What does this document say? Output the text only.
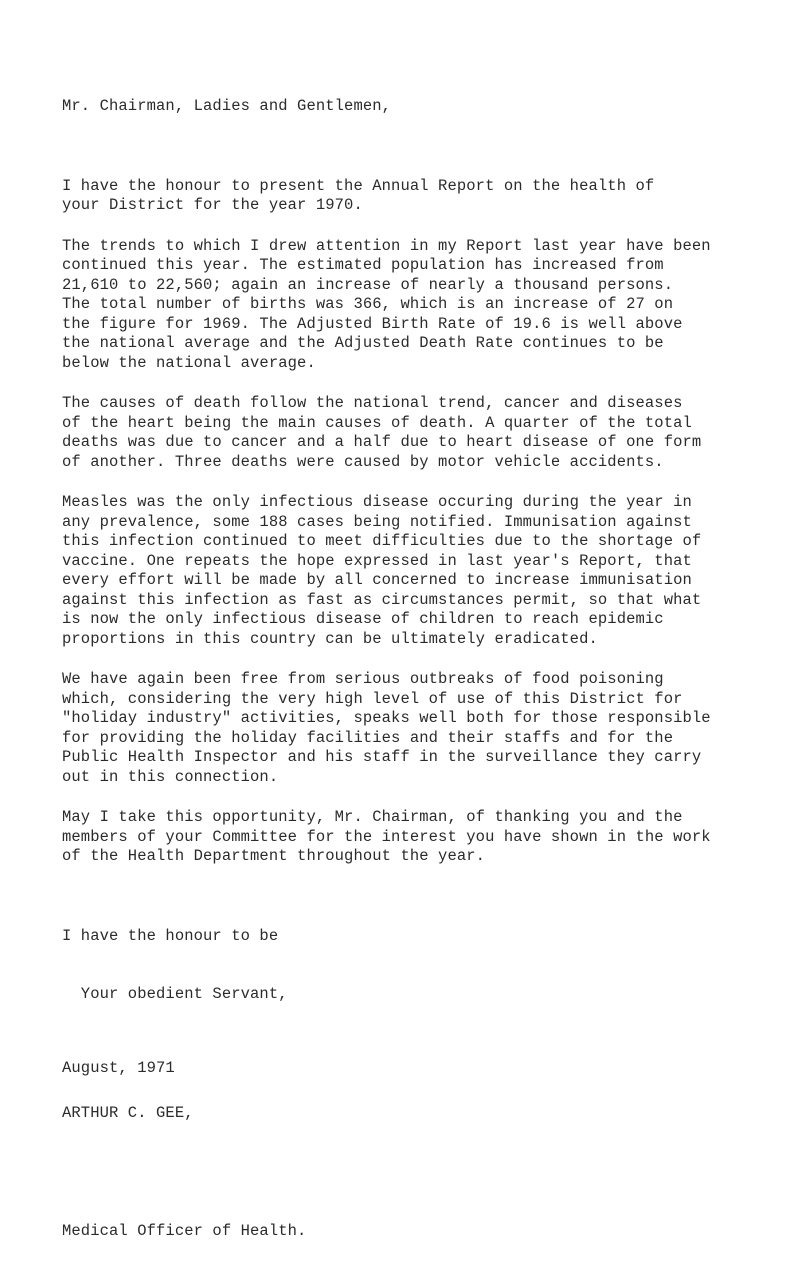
Mr. Chairman, Ladies and Gentlemen,

I have the honour to present the Annual Report on the health of
your District for the year 1970.
The trends to which I drew attention in my Report last year have been
continued this year. The estimated population has increased from
21,610 to 22,560; again an increase of nearly a thousand persons.
The total number of births was 366, which is an increase of 27 on
the figure for 1969. The Adjusted Birth Rate of 19.6 is well above
the national average and the Adjusted Death Rate continues to be
below the national average.
The causes of death follow the national trend, cancer and diseases
of the heart being the main causes of death. A quarter of the total
deaths was due to cancer and a half due to heart disease of one form
of another. Three deaths were caused by motor vehicle accidents.
Measles was the only infectious disease occuring during the year in
any prevalence, some 188 cases being notified. Immunisation against
this infection continued to meet difficulties due to the shortage of
vaccine. One repeats the hope expressed in last year's Report, that
every effort will be made by all concerned to increase immunisation
against this infection as fast as circumstances permit, so that what
is now the only infectious disease of children to reach epidemic
proportions in this country can be ultimately eradicated.
We have again been free from serious outbreaks of food poisoning
which, considering the very high level of use of this District for
"holiday industry" activities, speaks well both for those responsible
for providing the holiday facilities and their staffs and for the
Public Health Inspector and his staff in the surveillance they carry
out in this connection.
May I take this opportunity, Mr. Chairman, of thanking you and the
members of your Committee for the interest you have shown in the work
of the Health Department throughout the year.

I have the honour to be

Your obedient Servant,

ARTHUR C. GEE,

Medical Officer of Health.

August, 1971
